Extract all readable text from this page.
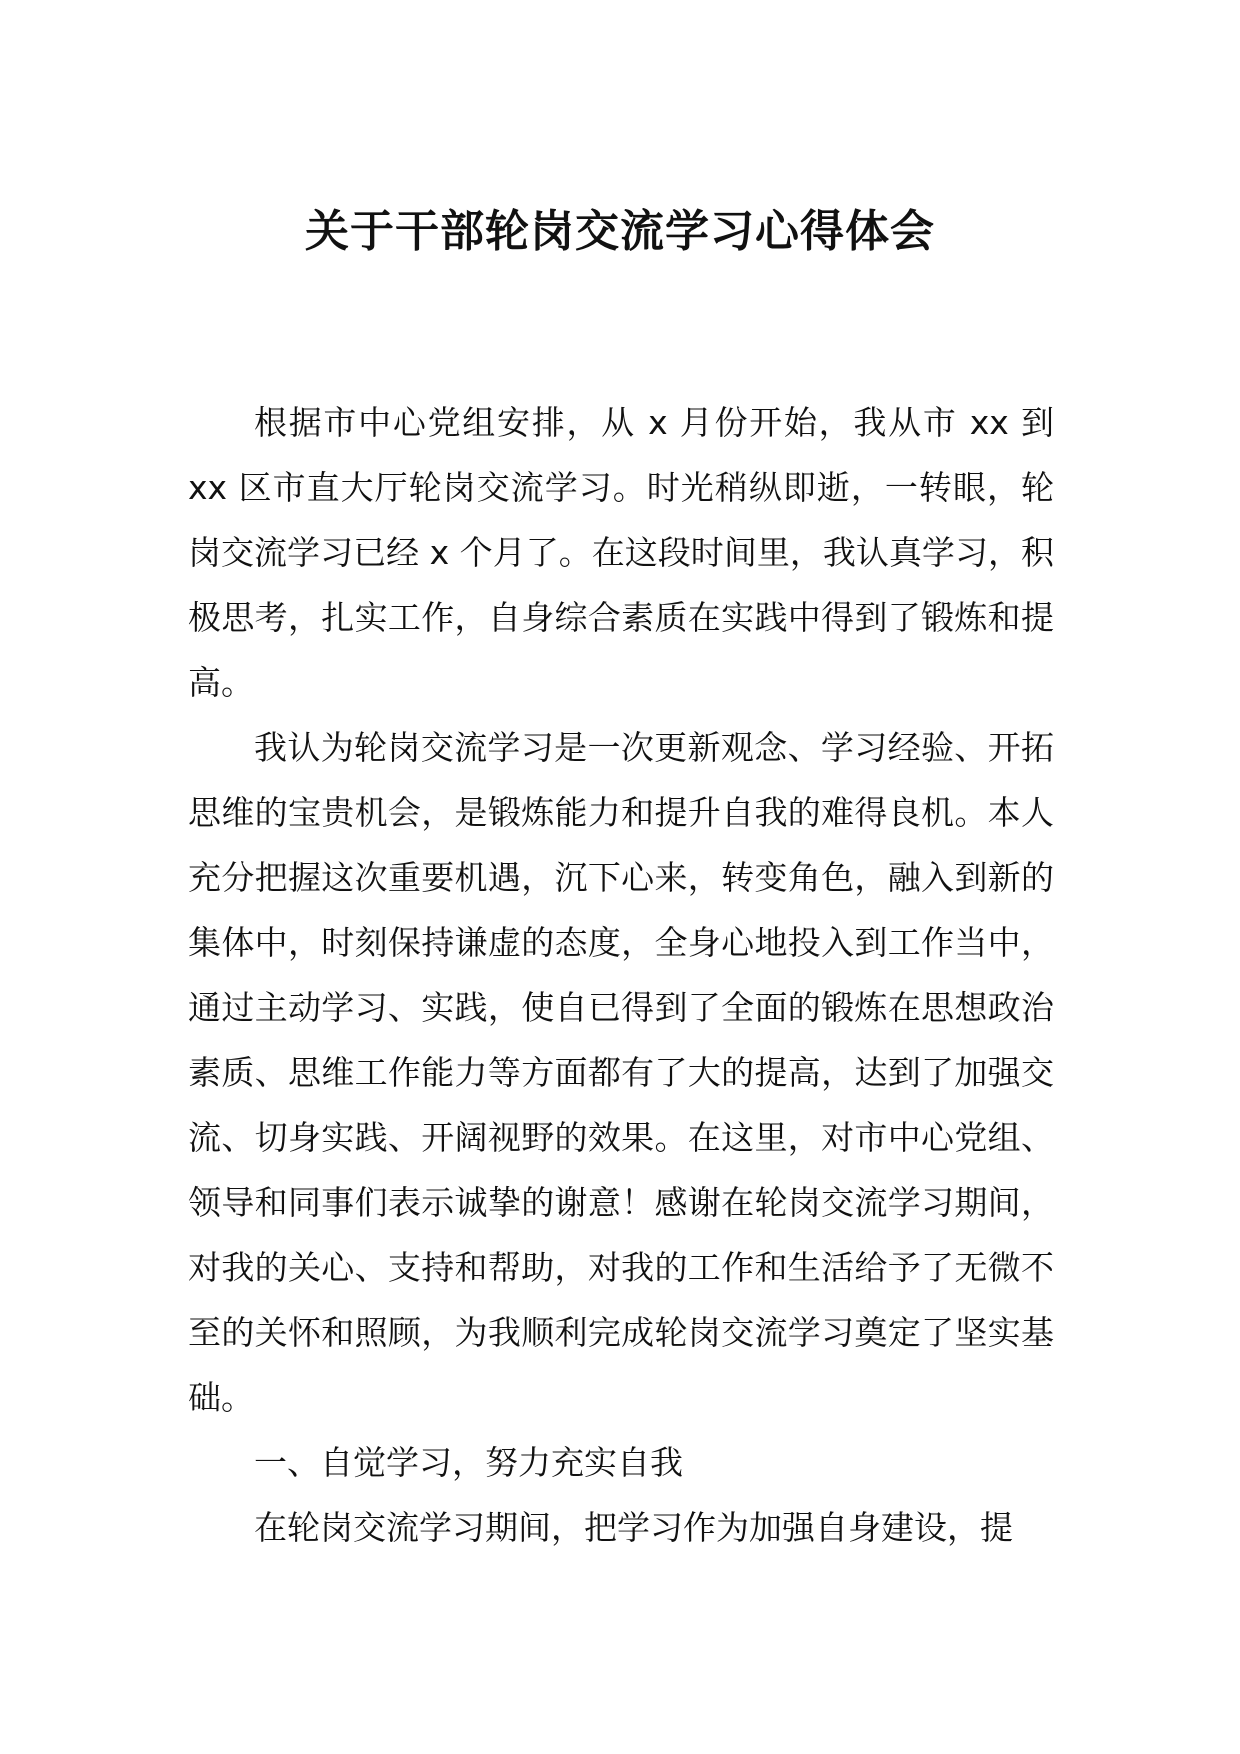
关于干部轮岗交流学习心得体会

根据市中心党组安排，从 x 月份开始，我从市 xx 到 xx 区市直大厅轮岗交流学习。时光稍纵即逝，一转眼，轮岗交流学习已经 x 个月了。在这段时间里，我认真学习，积极思考，扎实工作，自身综合素质在实践中得到了锻炼和提高。

我认为轮岗交流学习是一次更新观念、学习经验、开拓思维的宝贵机会，是锻炼能力和提升自我的难得良机。本人充分把握这次重要机遇，沉下心来，转变角色，融入到新的集体中，时刻保持谦虚的态度，全身心地投入到工作当中，通过主动学习、实践，使自已得到了全面的锻炼在思想政治素质、思维工作能力等方面都有了大的提高，达到了加强交流、切身实践、开阔视野的效果。在这里，对市中心党组、领导和同事们表示诚挚的谢意！感谢在轮岗交流学习期间，对我的关心、支持和帮助，对我的工作和生活给予了无微不至的关怀和照顾，为我顺利完成轮岗交流学习奠定了坚实基础。

一、自觉学习，努力充实自我

在轮岗交流学习期间，把学习作为加强自身建设，提
